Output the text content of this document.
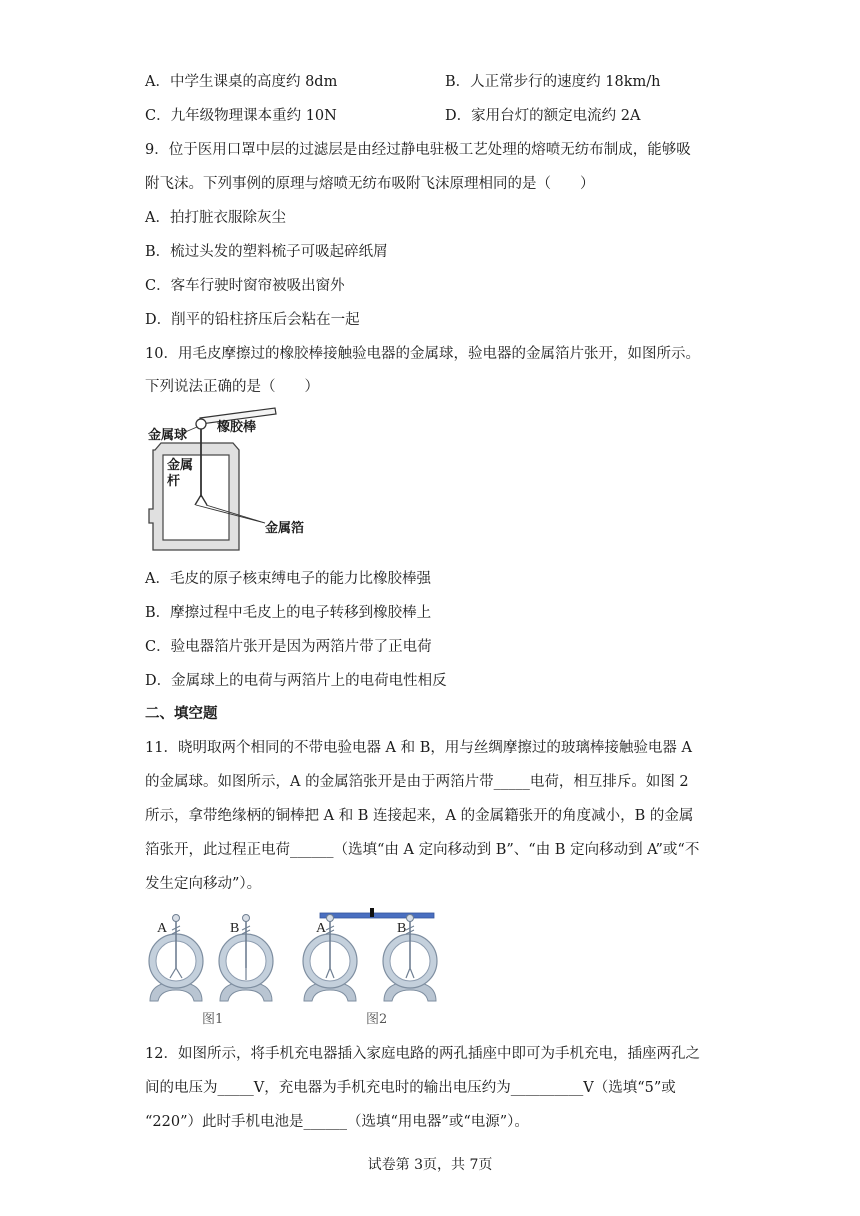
A．中学生课桌的高度约 8dm	B．人正常步行的速度约 18km/h
C．九年级物理课本重约 10N	D．家用台灯的额定电流约 2A
9．位于医用口罩中层的过滤层是由经过静电驻极工艺处理的熔喷无纺布制成，能够吸
附飞沫。下列事例的原理与熔喷无纺布吸附飞沫原理相同的是（　　）
A．拍打脏衣服除灰尘
B．梳过头发的塑料梳子可吸起碎纸屑
C．客车行驶时窗帘被吸出窗外
D．削平的铅柱挤压后会粘在一起
10．用毛皮摩擦过的橡胶棒接触验电器的金属球，验电器的金属箔片张开，如图所示。
下列说法正确的是（　　）
金属球
橡胶棒
金属
杆
金属箔
A．毛皮的原子核束缚电子的能力比橡胶棒强
B．摩擦过程中毛皮上的电子转移到橡胶棒上
C．验电器箔片张开是因为两箔片带了正电荷
D．金属球上的电荷与两箔片上的电荷电性相反
二、填空题
11．晓明取两个相同的不带电验电器 A 和 B，用与丝绸摩擦过的玻璃棒接触验电器 A
的金属球。如图所示，A 的金属箔张开是由于两箔片带_____电荷，相互排斥。如图 2
所示，拿带绝缘柄的铜棒把 A 和 B 连接起来，A 的金属籍张开的角度减小，B 的金属
箔张开，此过程正电荷______（选填“由 A 定向移动到 B”、“由 B 定向移动到 A”或“不
发生定向移动”）。
A	B	A	B
图1	图2
12．如图所示，将手机充电器插入家庭电路的两孔插座中即可为手机充电，插座两孔之
间的电压为_____V，充电器为手机充电时的输出电压约为__________V（选填“5”或
“220”）此时手机电池是______（选填“用电器”或“电源”）。
试卷第 3页，共 7页
